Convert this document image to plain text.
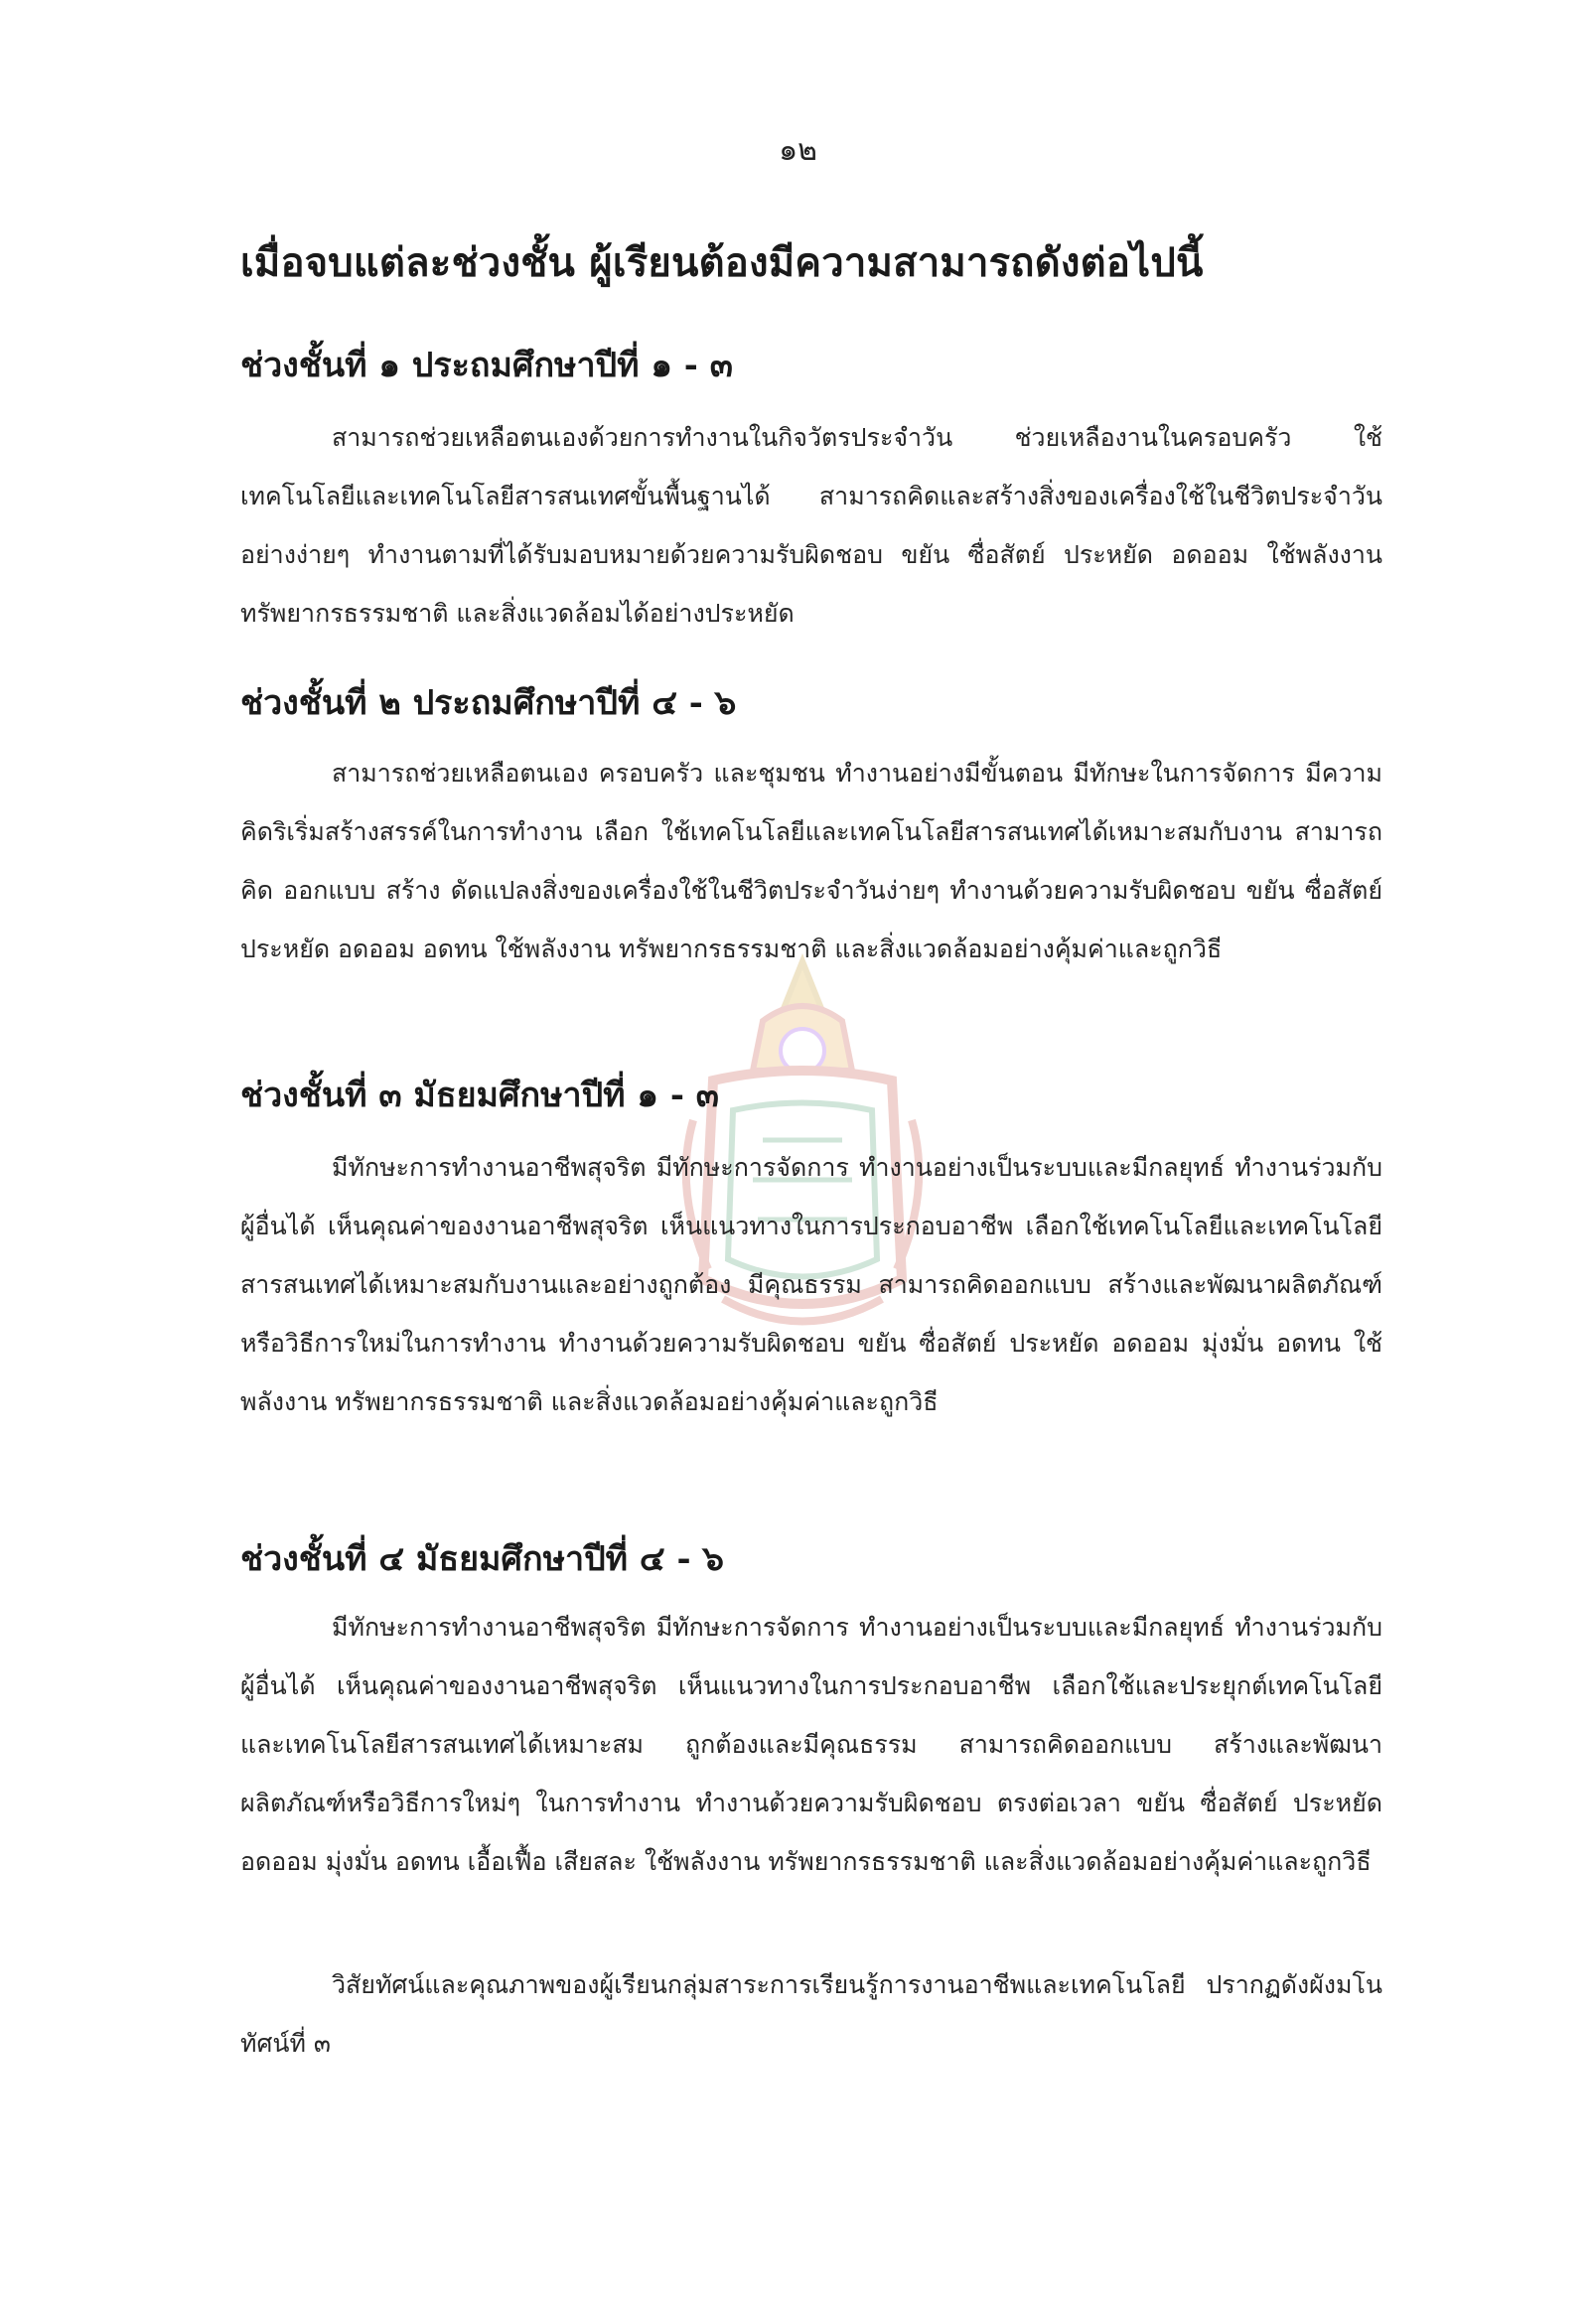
๑๒
เมื่อจบแต่ละช่วงชั้น ผู้เรียนต้องมีความสามารถดังต่อไปนี้
ช่วงชั้นที่ ๑ ประถมศึกษาปีที่ ๑ - ๓

สามารถช่วยเหลือตนเองด้วยการทำงานในกิจวัตรประจำวัน ช่วยเหลืองานในครอบครัว ใช้เทคโนโลยีและเทคโนโลยีสารสนเทศขั้นพื้นฐานได้ สามารถคิดและสร้างสิ่งของเครื่องใช้ในชีวิตประจำวันอย่างง่ายๆ ทำงานตามที่ได้รับมอบหมายด้วยความรับผิดชอบ ขยัน ซื่อสัตย์ ประหยัด อดออม ใช้พลังงาน ทรัพยากรธรรมชาติ และสิ่งแวดล้อมได้อย่างประหยัด

ช่วงชั้นที่ ๒ ประถมศึกษาปีที่ ๔ - ๖

สามารถช่วยเหลือตนเอง ครอบครัว และชุมชน ทำงานอย่างมีขั้นตอน มีทักษะในการจัดการ มีความคิดริเริ่มสร้างสรรค์ในการทำงาน เลือก ใช้เทคโนโลยีและเทคโนโลยีสารสนเทศได้เหมาะสมกับงาน สามารถคิด ออกแบบ สร้าง ดัดแปลงสิ่งของเครื่องใช้ในชีวิตประจำวันง่ายๆ ทำงานด้วยความรับผิดชอบ ขยัน ซื่อสัตย์ ประหยัด อดออม อดทน ใช้พลังงาน ทรัพยากรธรรมชาติ และสิ่งแวดล้อมอย่างคุ้มค่าและถูกวิธี

ช่วงชั้นที่ ๓ มัธยมศึกษาปีที่ ๑ - ๓

มีทักษะการทำงานอาชีพสุจริต มีทักษะการจัดการ ทำงานอย่างเป็นระบบและมีกลยุทธ์ ทำงานร่วมกับผู้อื่นได้ เห็นคุณค่าของงานอาชีพสุจริต เห็นแนวทางในการประกอบอาชีพ เลือกใช้เทคโนโลยีและเทคโนโลยีสารสนเทศได้เหมาะสมกับงานและอย่างถูกต้อง มีคุณธรรม สามารถคิดออกแบบ สร้างและพัฒนาผลิตภัณฑ์หรือวิธีการใหม่ในการทำงาน ทำงานด้วยความรับผิดชอบ ขยัน ซื่อสัตย์ ประหยัด อดออม มุ่งมั่น อดทน ใช้พลังงาน ทรัพยากรธรรมชาติ และสิ่งแวดล้อมอย่างคุ้มค่าและถูกวิธี

ช่วงชั้นที่ ๔ มัธยมศึกษาปีที่ ๔ - ๖

มีทักษะการทำงานอาชีพสุจริต มีทักษะการจัดการ ทำงานอย่างเป็นระบบและมีกลยุทธ์ ทำงานร่วมกับผู้อื่นได้ เห็นคุณค่าของงานอาชีพสุจริต เห็นแนวทางในการประกอบอาชีพ เลือกใช้และประยุกต์เทคโนโลยีและเทคโนโลยีสารสนเทศได้เหมาะสม ถูกต้องและมีคุณธรรม สามารถคิดออกแบบ สร้างและพัฒนาผลิตภัณฑ์หรือวิธีการใหม่ๆ ในการทำงาน ทำงานด้วยความรับผิดชอบ ตรงต่อเวลา ขยัน ซื่อสัตย์ ประหยัด อดออม มุ่งมั่น อดทน เอื้อเฟื้อ เสียสละ ใช้พลังงาน ทรัพยากรธรรมชาติ และสิ่งแวดล้อมอย่างคุ้มค่าและถูกวิธี

วิสัยทัศน์และคุณภาพของผู้เรียนกลุ่มสาระการเรียนรู้การงานอาชีพและเทคโนโลยี ปรากฏดังผังมโนทัศน์ที่ ๓
